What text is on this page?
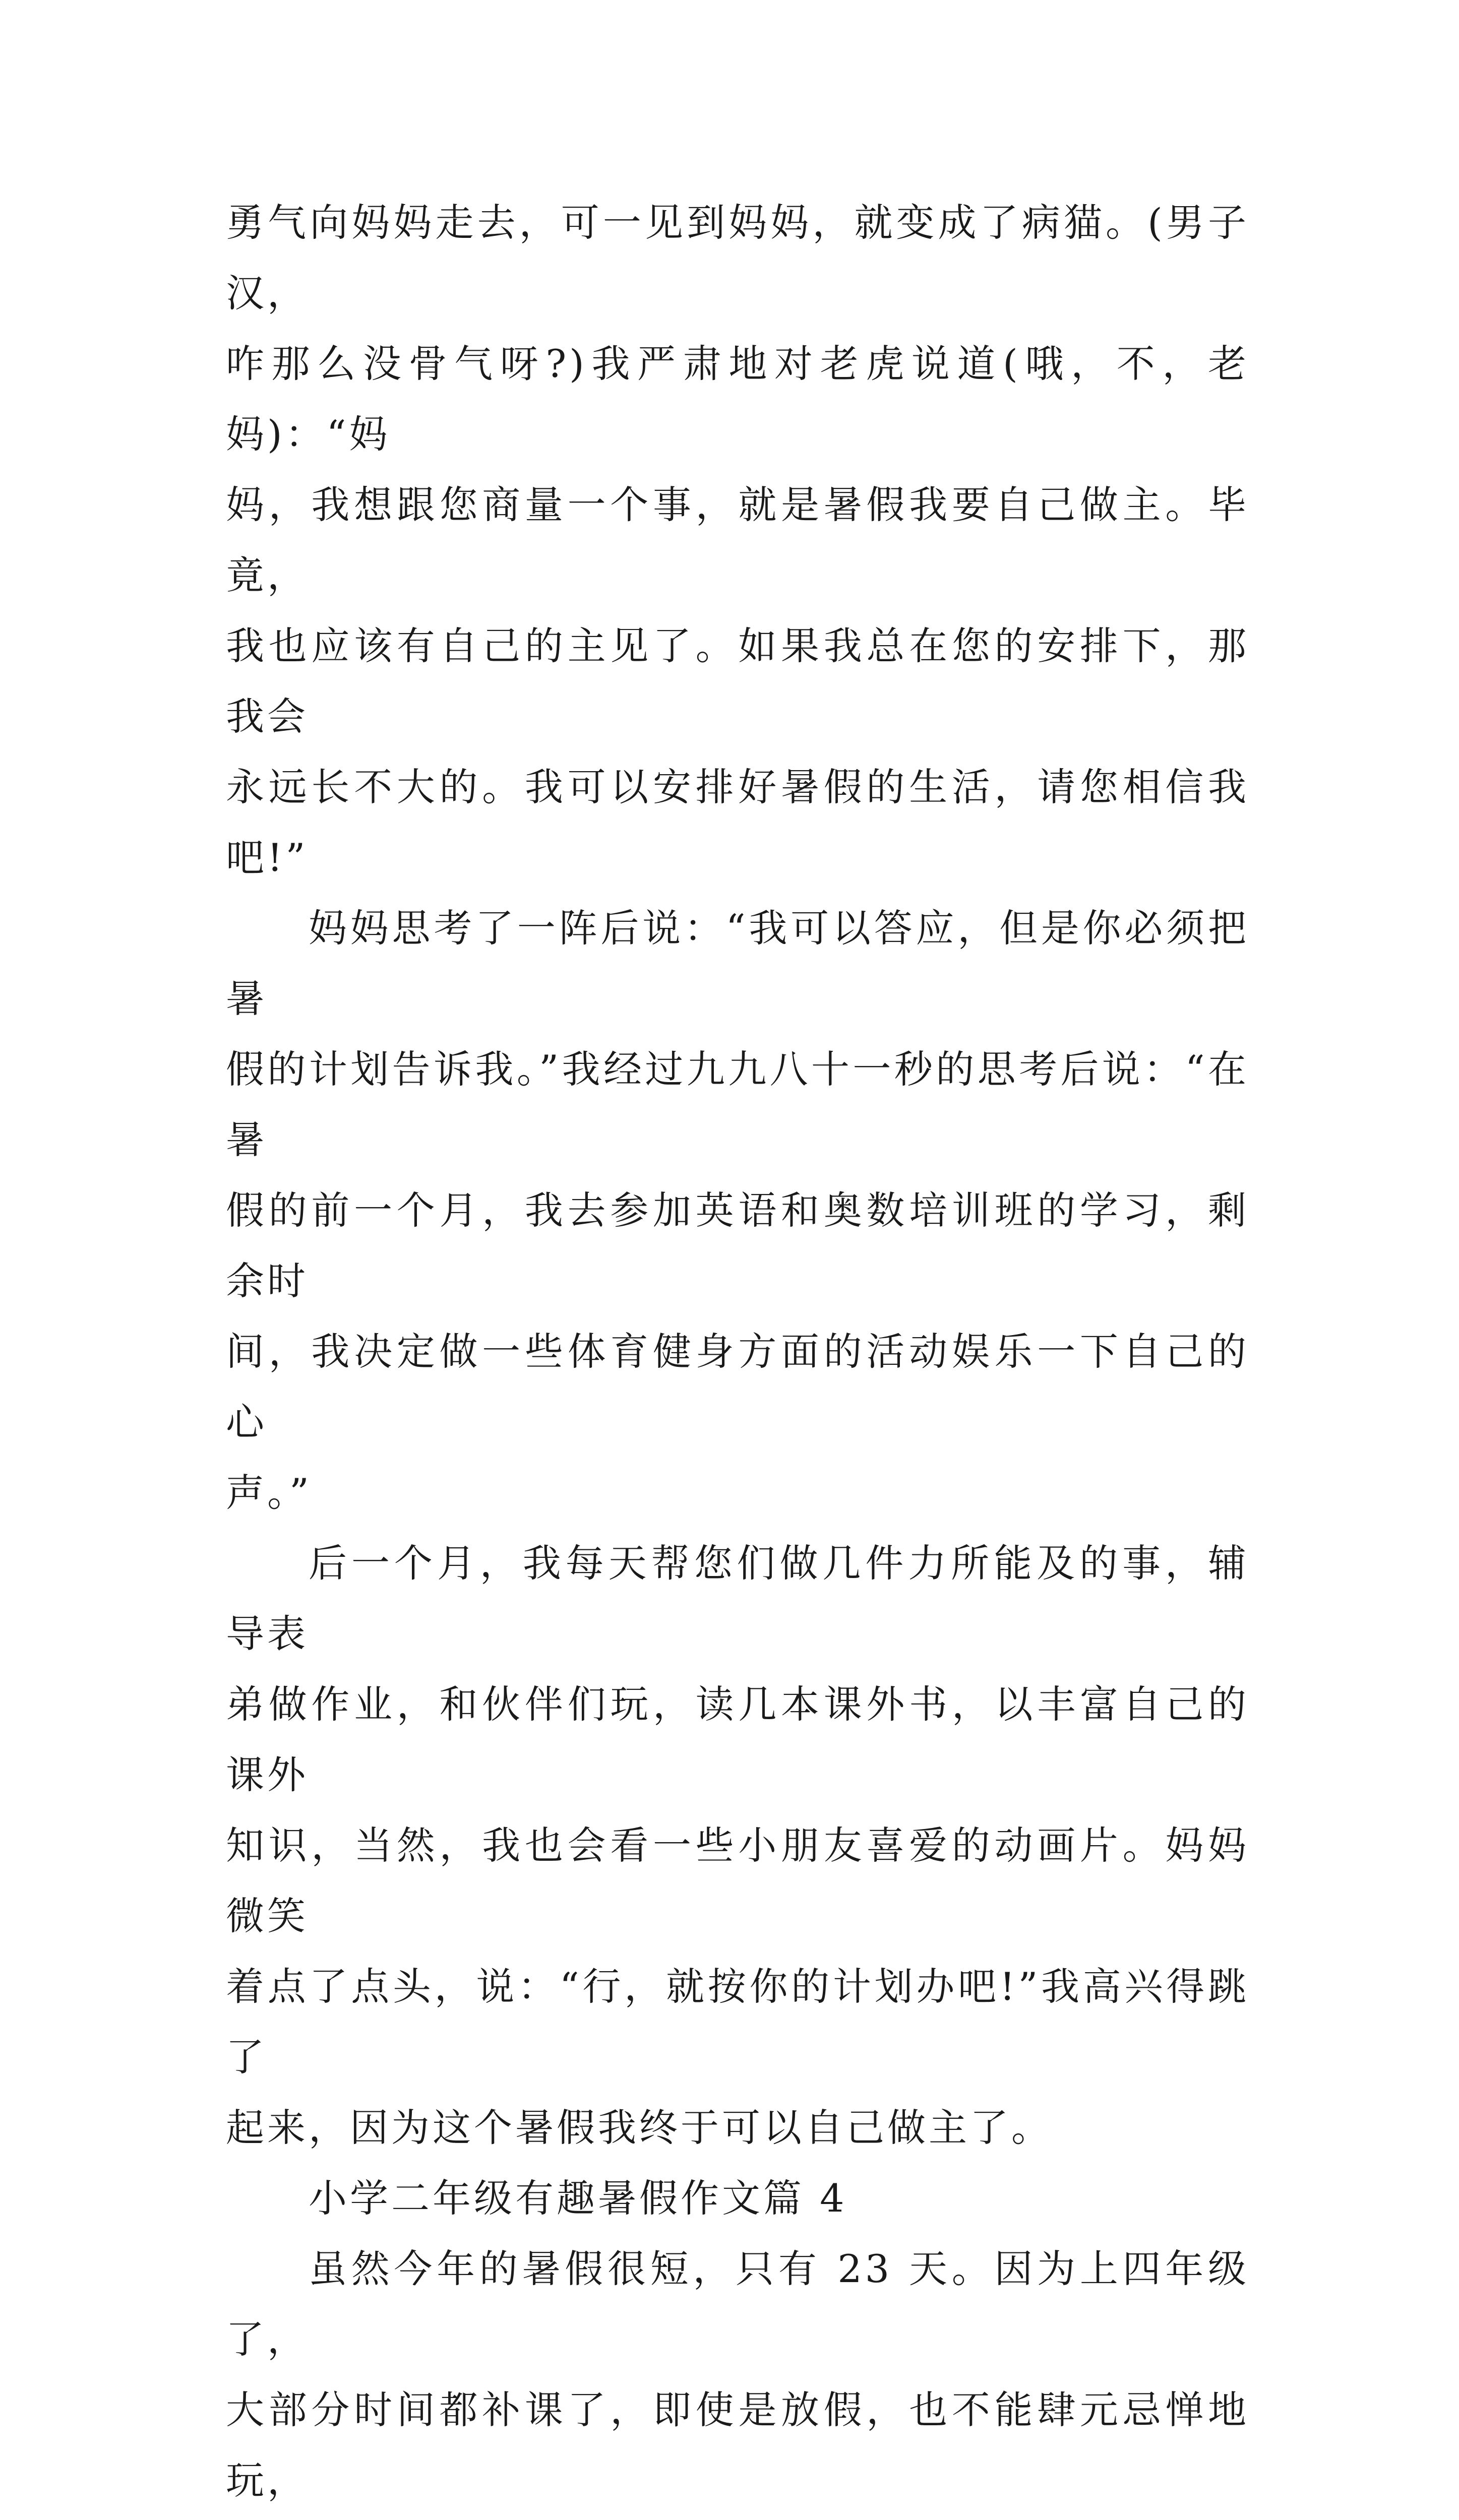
勇气向妈妈走去，可一见到妈妈，就变成了病猫。(男子汉，
咋那么没骨气呀?)我严肃地对老虎说道(哦，不，老妈)：“妈
妈，我想跟您商量一个事，就是暑假我要自己做主。毕竟，
我也应该有自己的主见了。如果我总在您的安排下，那我会
永远长不大的。我可以安排好暑假的生活，请您相信我吧!”

妈妈思考了一阵后说：“我可以答应，但是你必须把暑
假的计划告诉我。”我经过九九八十一秒的思考后说：“在暑
假的前一个月，我去参加英语和奥数培训班的学习，剩余时
间，我决定做一些体育健身方面的活动娱乐一下自己的心
声。”

后一个月，我每天帮您们做几件力所能及的事，辅导表
弟做作业，和伙伴们玩，读几本课外书，以丰富自己的课外
知识，当然，我也会看一些小朋友喜爱的动画片。妈妈微笑
着点了点头，说：“行，就按你的计划办吧!”我高兴得跳了
起来，因为这个暑假我终于可以自己做主了。

小学二年级有趣暑假作文篇 4

虽然今年的暑假很短，只有 23 天。因为上四年级了，
大部分时间都补课了，即使是放假，也不能肆元忌惮地玩，
